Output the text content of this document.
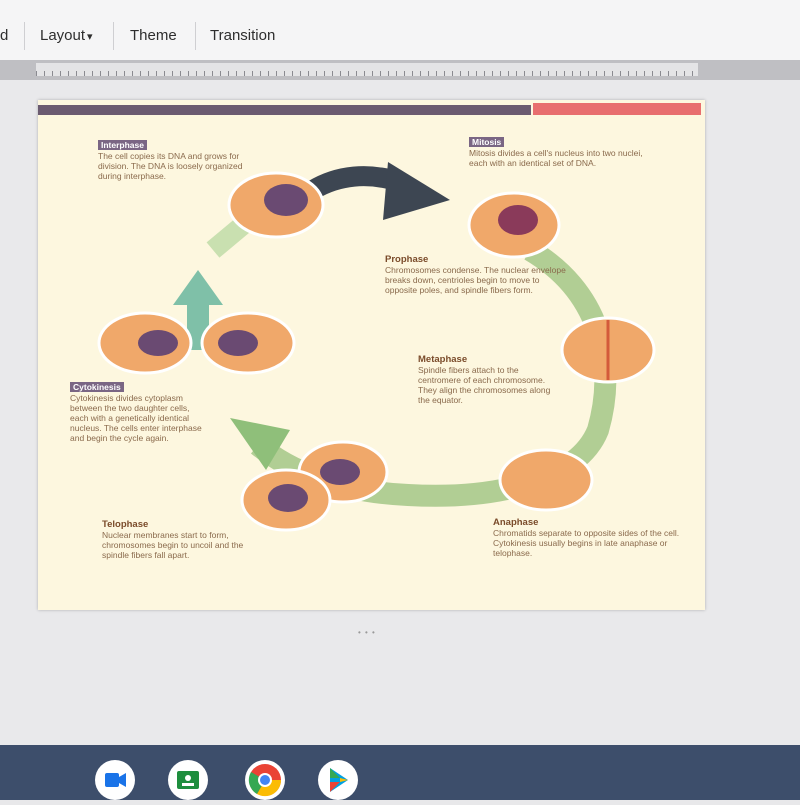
d Layout ▾ Theme Transition
Interphase
The cell copies its DNA and grows for division. The DNA is loosely organized during interphase.
Mitosis
Mitosis divides a cell's nucleus into two nuclei, each with an identical set of DNA.
Prophase
Chromosomes condense. The nuclear envelope breaks down, centrioles begin to move to opposite poles, and spindle fibers form.
Metaphase
Spindle fibers attach to the centromere of each chromosome. They align the chromosomes along the equator.
Anaphase
Chromatids separate to opposite sides of the cell. Cytokinesis usually begins in late anaphase or telophase.
Telophase
Nuclear membranes start to form, chromosomes begin to uncoil and the spindle fibers fall apart.
Cytokinesis
Cytokinesis divides cytoplasm between the two daughter cells, each with a genetically identical nucleus. The cells enter interphase and begin the cycle again.
• • •
